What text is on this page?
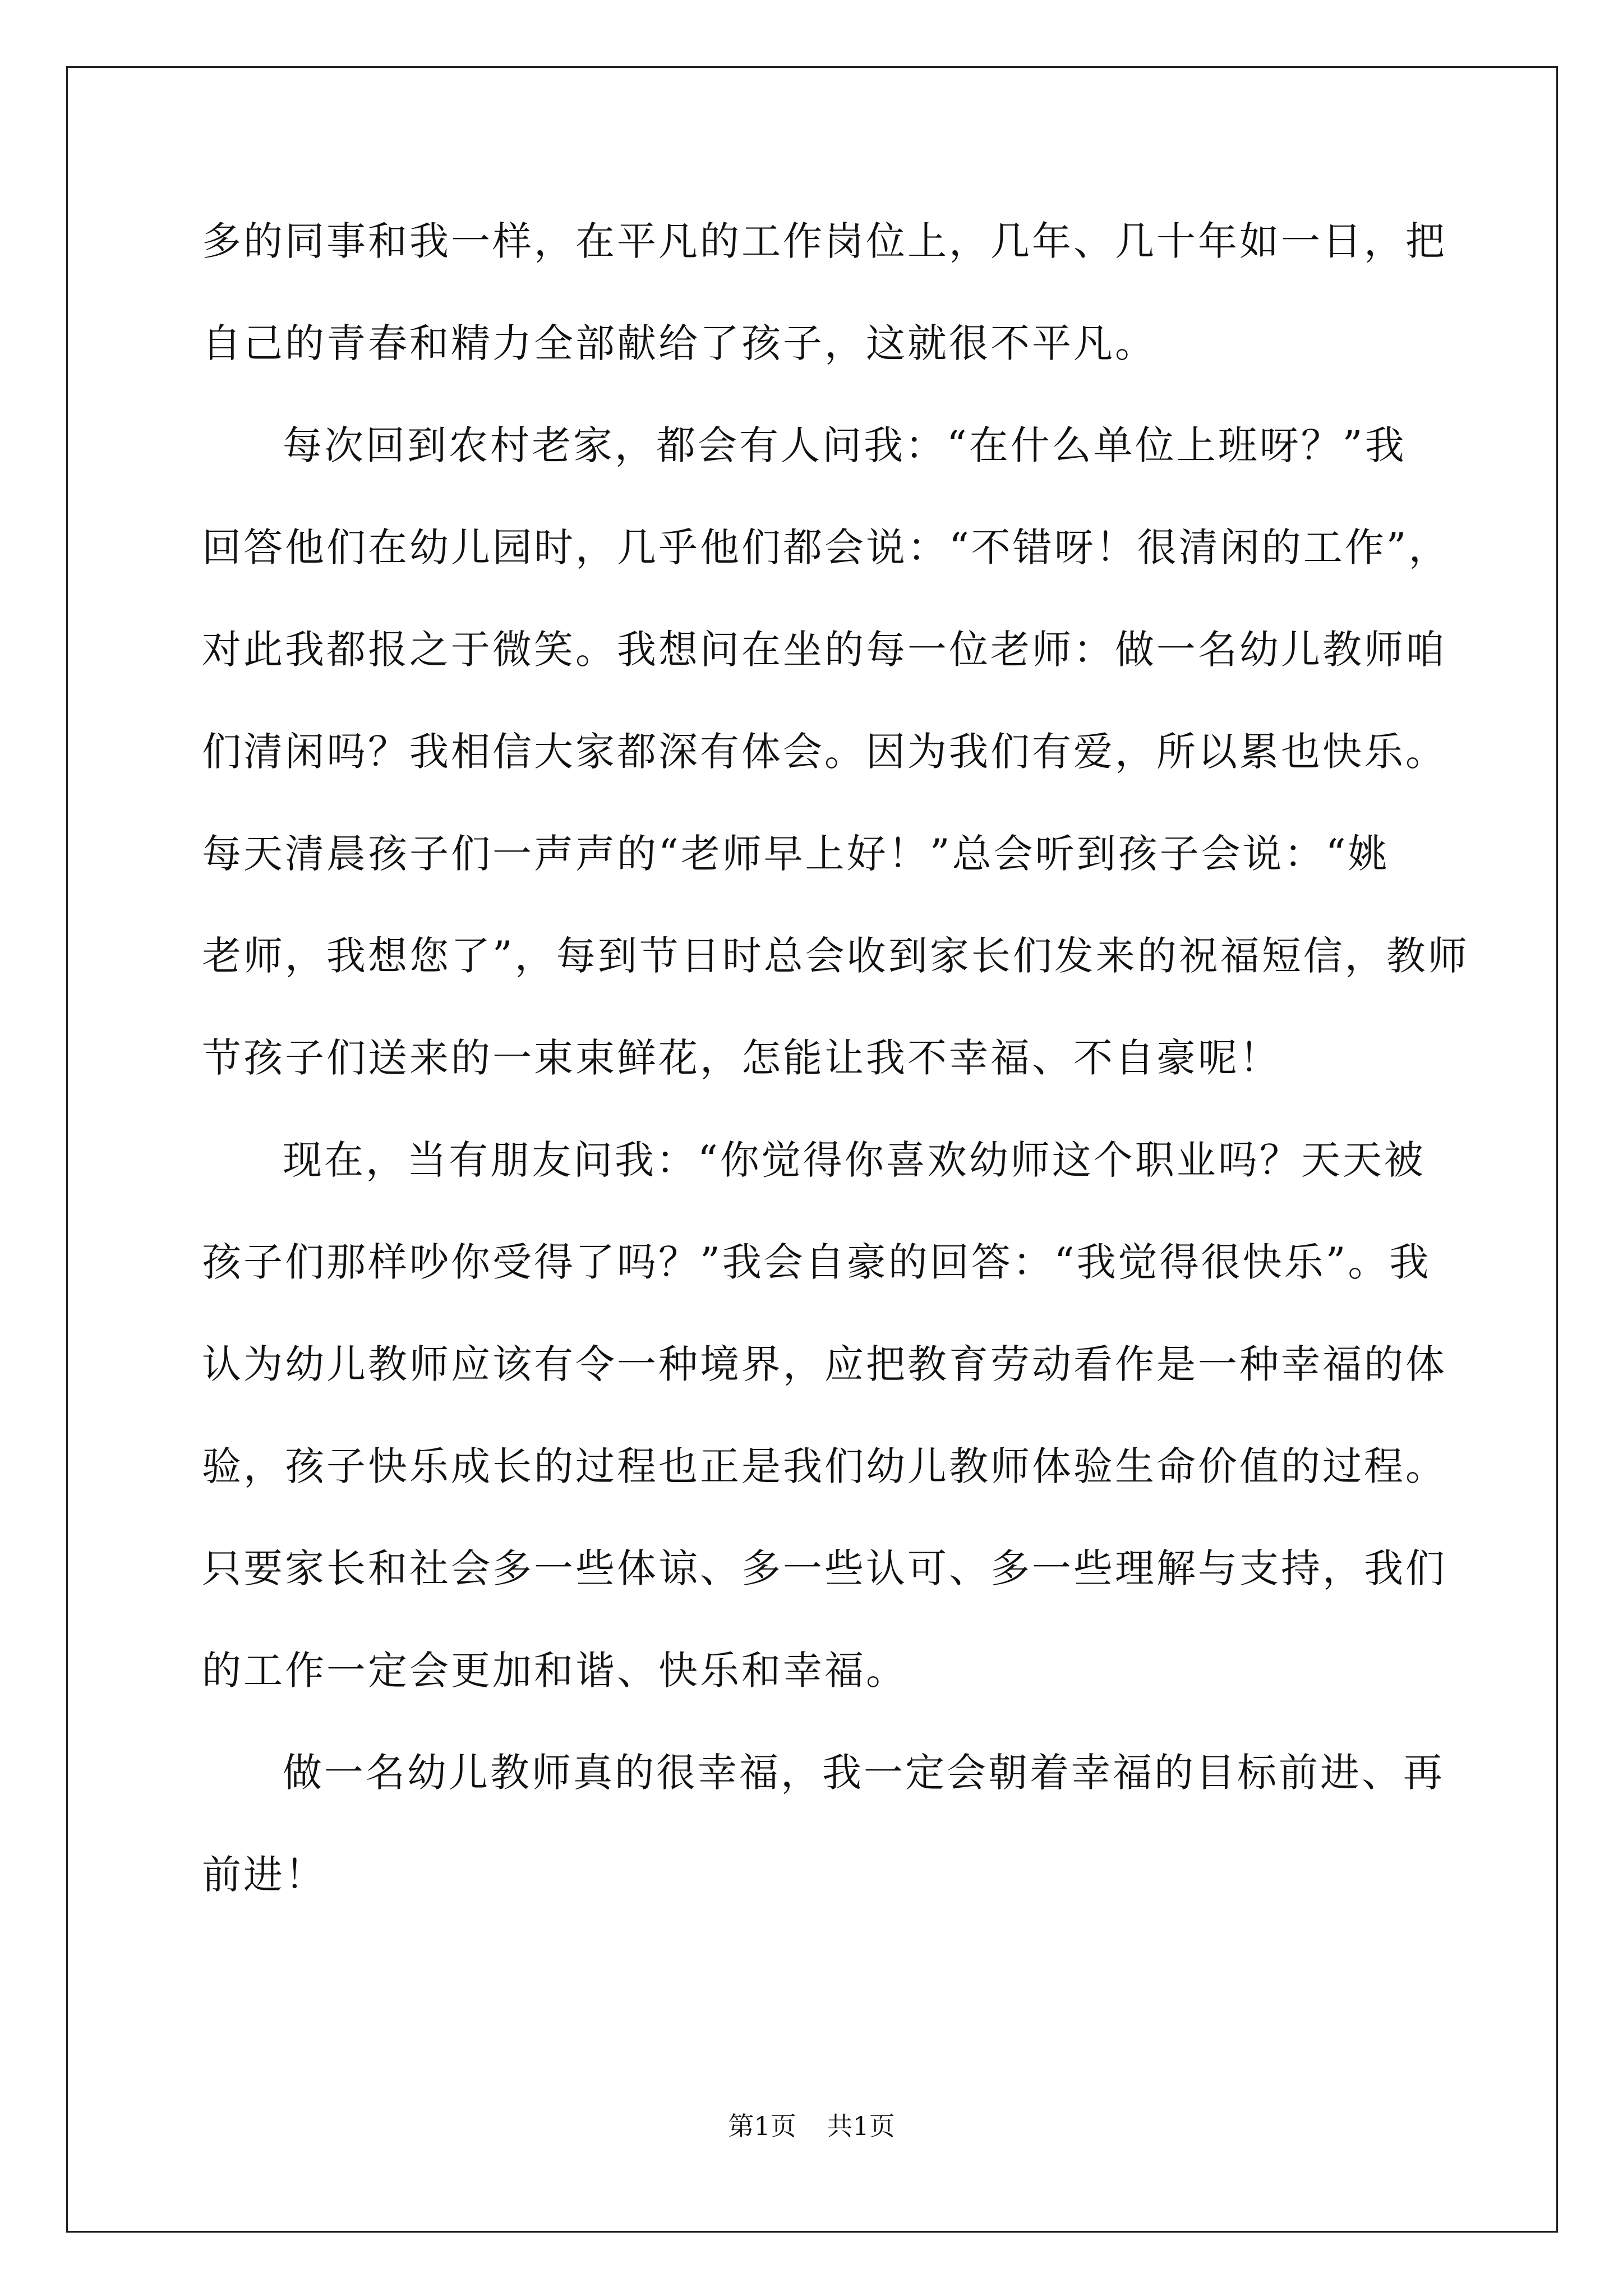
多的同事和我一样，在平凡的工作岗位上，几年、几十年如一日，把
自己的青春和精力全部献给了孩子，这就很不平凡。
每次回到农村老家，都会有人问我：“在什么单位上班呀？”我
回答他们在幼儿园时，几乎他们都会说：“不错呀！很清闲的工作”，
对此我都报之于微笑。我想问在坐的每一位老师：做一名幼儿教师咱
们清闲吗？我相信大家都深有体会。因为我们有爱，所以累也快乐。
每天清晨孩子们一声声的“老师早上好！”总会听到孩子会说：“姚
老师，我想您了”，每到节日时总会收到家长们发来的祝福短信，教师
节孩子们送来的一束束鲜花，怎能让我不幸福、不自豪呢！
现在，当有朋友问我：“你觉得你喜欢幼师这个职业吗？天天被
孩子们那样吵你受得了吗？”我会自豪的回答：“我觉得很快乐”。我
认为幼儿教师应该有令一种境界，应把教育劳动看作是一种幸福的体
验，孩子快乐成长的过程也正是我们幼儿教师体验生命价值的过程。
只要家长和社会多一些体谅、多一些认可、多一些理解与支持，我们
的工作一定会更加和谐、快乐和幸福。
做一名幼儿教师真的很幸福，我一定会朝着幸福的目标前进、再
前进！
第1页 共1页
